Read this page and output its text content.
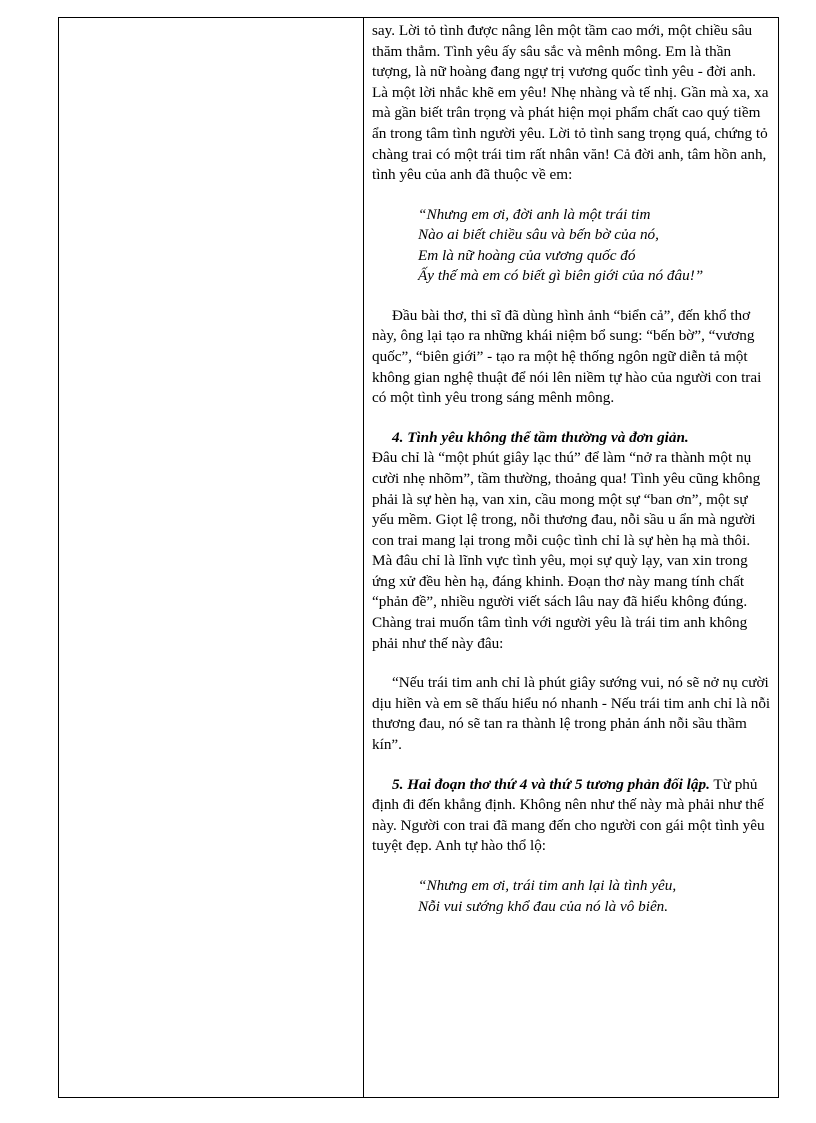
say. Lời tỏ tình được nâng lên một tầm cao mới, một chiều sâu thăm thẳm. Tình yêu ấy sâu sắc và mênh mông. Em là thần tượng, là nữ hoàng đang ngự trị vương quốc tình yêu - đời anh. Là một lời nhắc khẽ em yêu! Nhẹ nhàng và tế nhị. Gần mà xa, xa mà gần biết trân trọng và phát hiện mọi phẩm chất cao quý tiềm ẩn trong tâm tình người yêu. Lời tỏ tình sang trọng quá, chứng tỏ chàng trai có một trái tim rất nhân văn! Cả đời anh, tâm hồn anh, tình yêu của anh đã thuộc về em:

“Nhưng em ơi, đời anh là một trái tim

Nào ai biết chiều sâu và bến bờ của nó,

Em là nữ hoàng của vương quốc đó

Ấy thế mà em có biết gì biên giới của nó đâu!”

Đầu bài thơ, thi sĩ đã dùng hình ảnh “biển cả”, đến khổ thơ này, ông lại tạo ra những khái niệm bổ sung: “bến bờ”, “vương quốc”, “biên giới” - tạo ra một hệ thống ngôn ngữ diễn tả một không gian nghệ thuật để nói lên niềm tự hào của người con trai có một tình yêu trong sáng mênh mông.

4. Tình yêu không thể tầm thường và đơn giản.
Đâu chỉ là “một phút giây lạc thú” để làm “nở ra thành một nụ cười nhẹ nhõm”, tầm thường, thoảng qua! Tình yêu cũng không phải là sự hèn hạ, van xin, cầu mong một sự “ban ơn”, một sự yếu mềm. Giọt lệ trong, nỗi thương đau, nỗi sầu u ẩn mà người con trai mang lại trong mỗi cuộc tình chỉ là sự hèn hạ mà thôi. Mà đâu chỉ là lĩnh vực tình yêu, mọi sự quỳ lạy, van xin trong ứng xử đều hèn hạ, đáng khinh. Đoạn thơ này mang tính chất “phản đề”, nhiều người viết sách lâu nay đã hiểu không đúng. Chàng trai muốn tâm tình với người yêu là trái tim anh không phải như thế này đâu:

“Nếu trái tim anh chỉ là phút giây sướng vui, nó sẽ nở nụ cười dịu hiền và em sẽ thấu hiểu nó nhanh - Nếu trái tim anh chỉ là nỗi thương đau, nó sẽ tan ra thành lệ trong phản ánh nỗi sầu thầm kín”.

5. Hai đoạn thơ thứ 4 và thứ 5 tương phản đối lập. Từ phủ định đi đến khẳng định. Không nên như thế này mà phải như thế này. Người con trai đã mang đến cho người con gái một tình yêu tuyệt đẹp. Anh tự hào thổ lộ:

“Nhưng em ơi, trái tim anh lại là tình yêu,

Nỗi vui sướng khổ đau của nó là vô biên.
